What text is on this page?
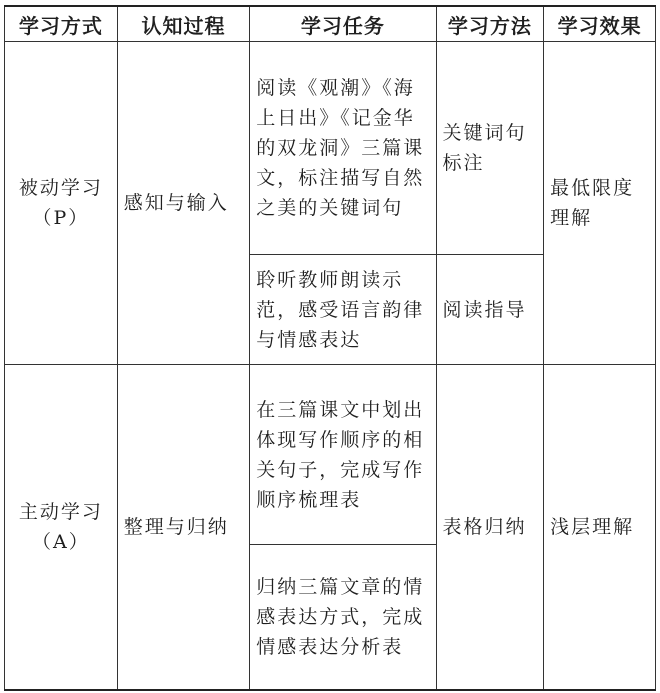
学习方式	认知过程	学习任务	学习方法	学习效果

被动学习
（P）	感知与输入	阅读《观潮》《海上日出》《记金华的双龙洞》三篇课文，标注描写自然之美的关键词句	关键词句标注	最低限度理解
		聆听教师朗读示范，感受语言韵律与情感表达	阅读指导	

主动学习
（A）	整理与归纳	在三篇课文中划出体现写作顺序的相关句子，完成写作顺序梳理表	表格归纳	浅层理解
		归纳三篇文章的情感表达方式，完成情感表达分析表		
